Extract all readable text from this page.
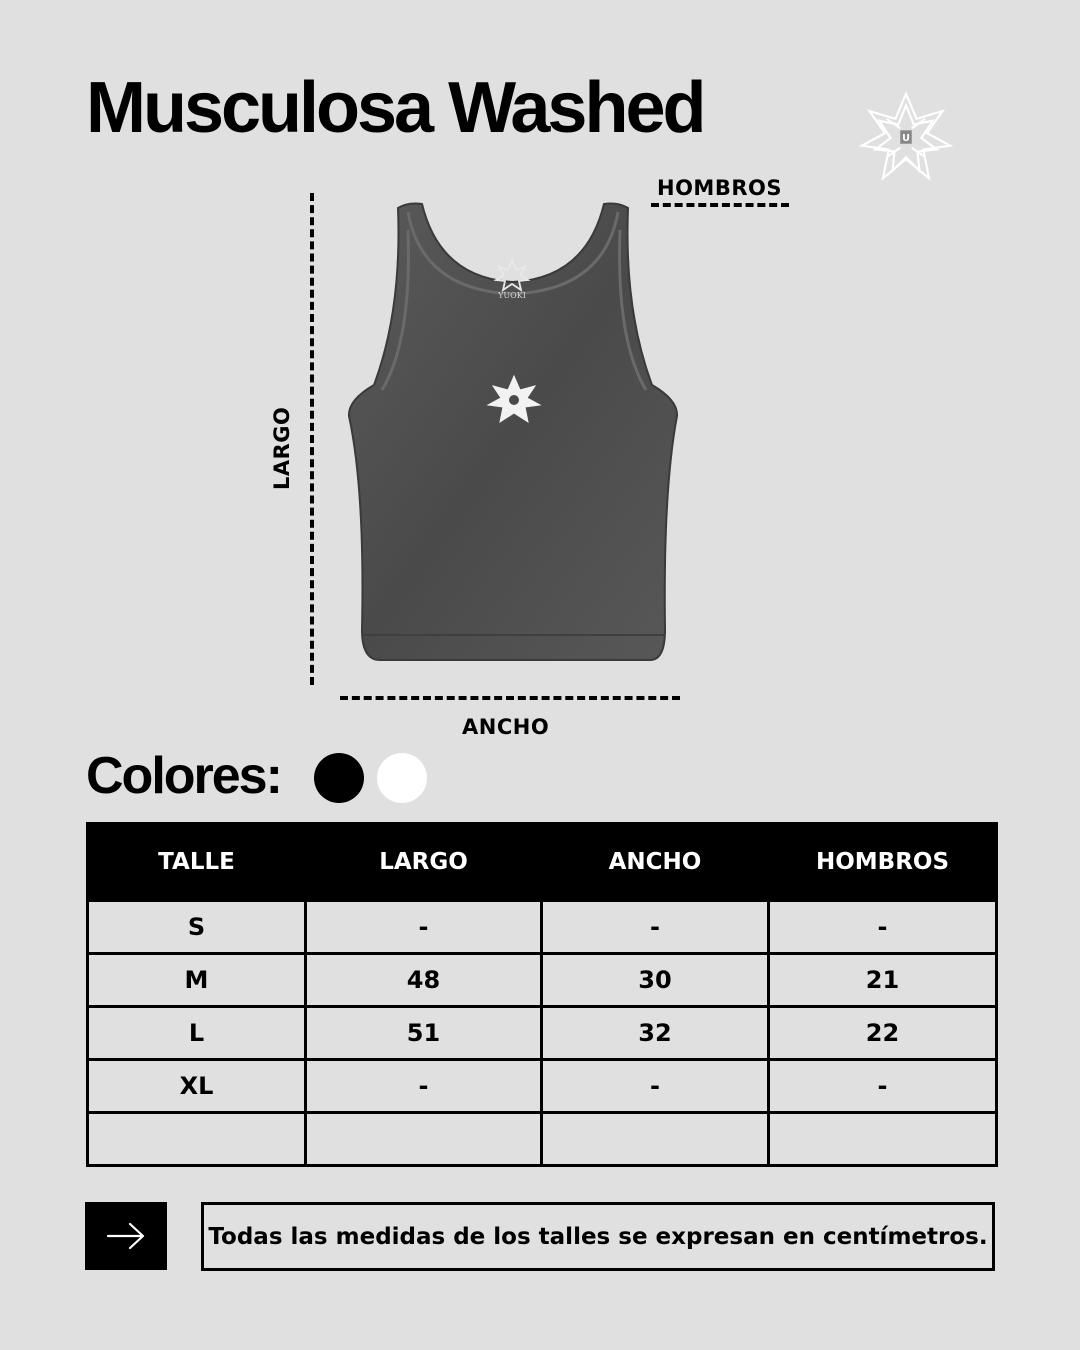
Musculosa Washed	U
HOMBROS
LARGO
ANCHO
YUOKI
Colores:
TALLE	LARGO	ANCHO	HOMBROS
S	-	-	-
M	48	30	21
L	51	32	22
XL	-	-	-

Todas las medidas de los talles se expresan en centímetros.
